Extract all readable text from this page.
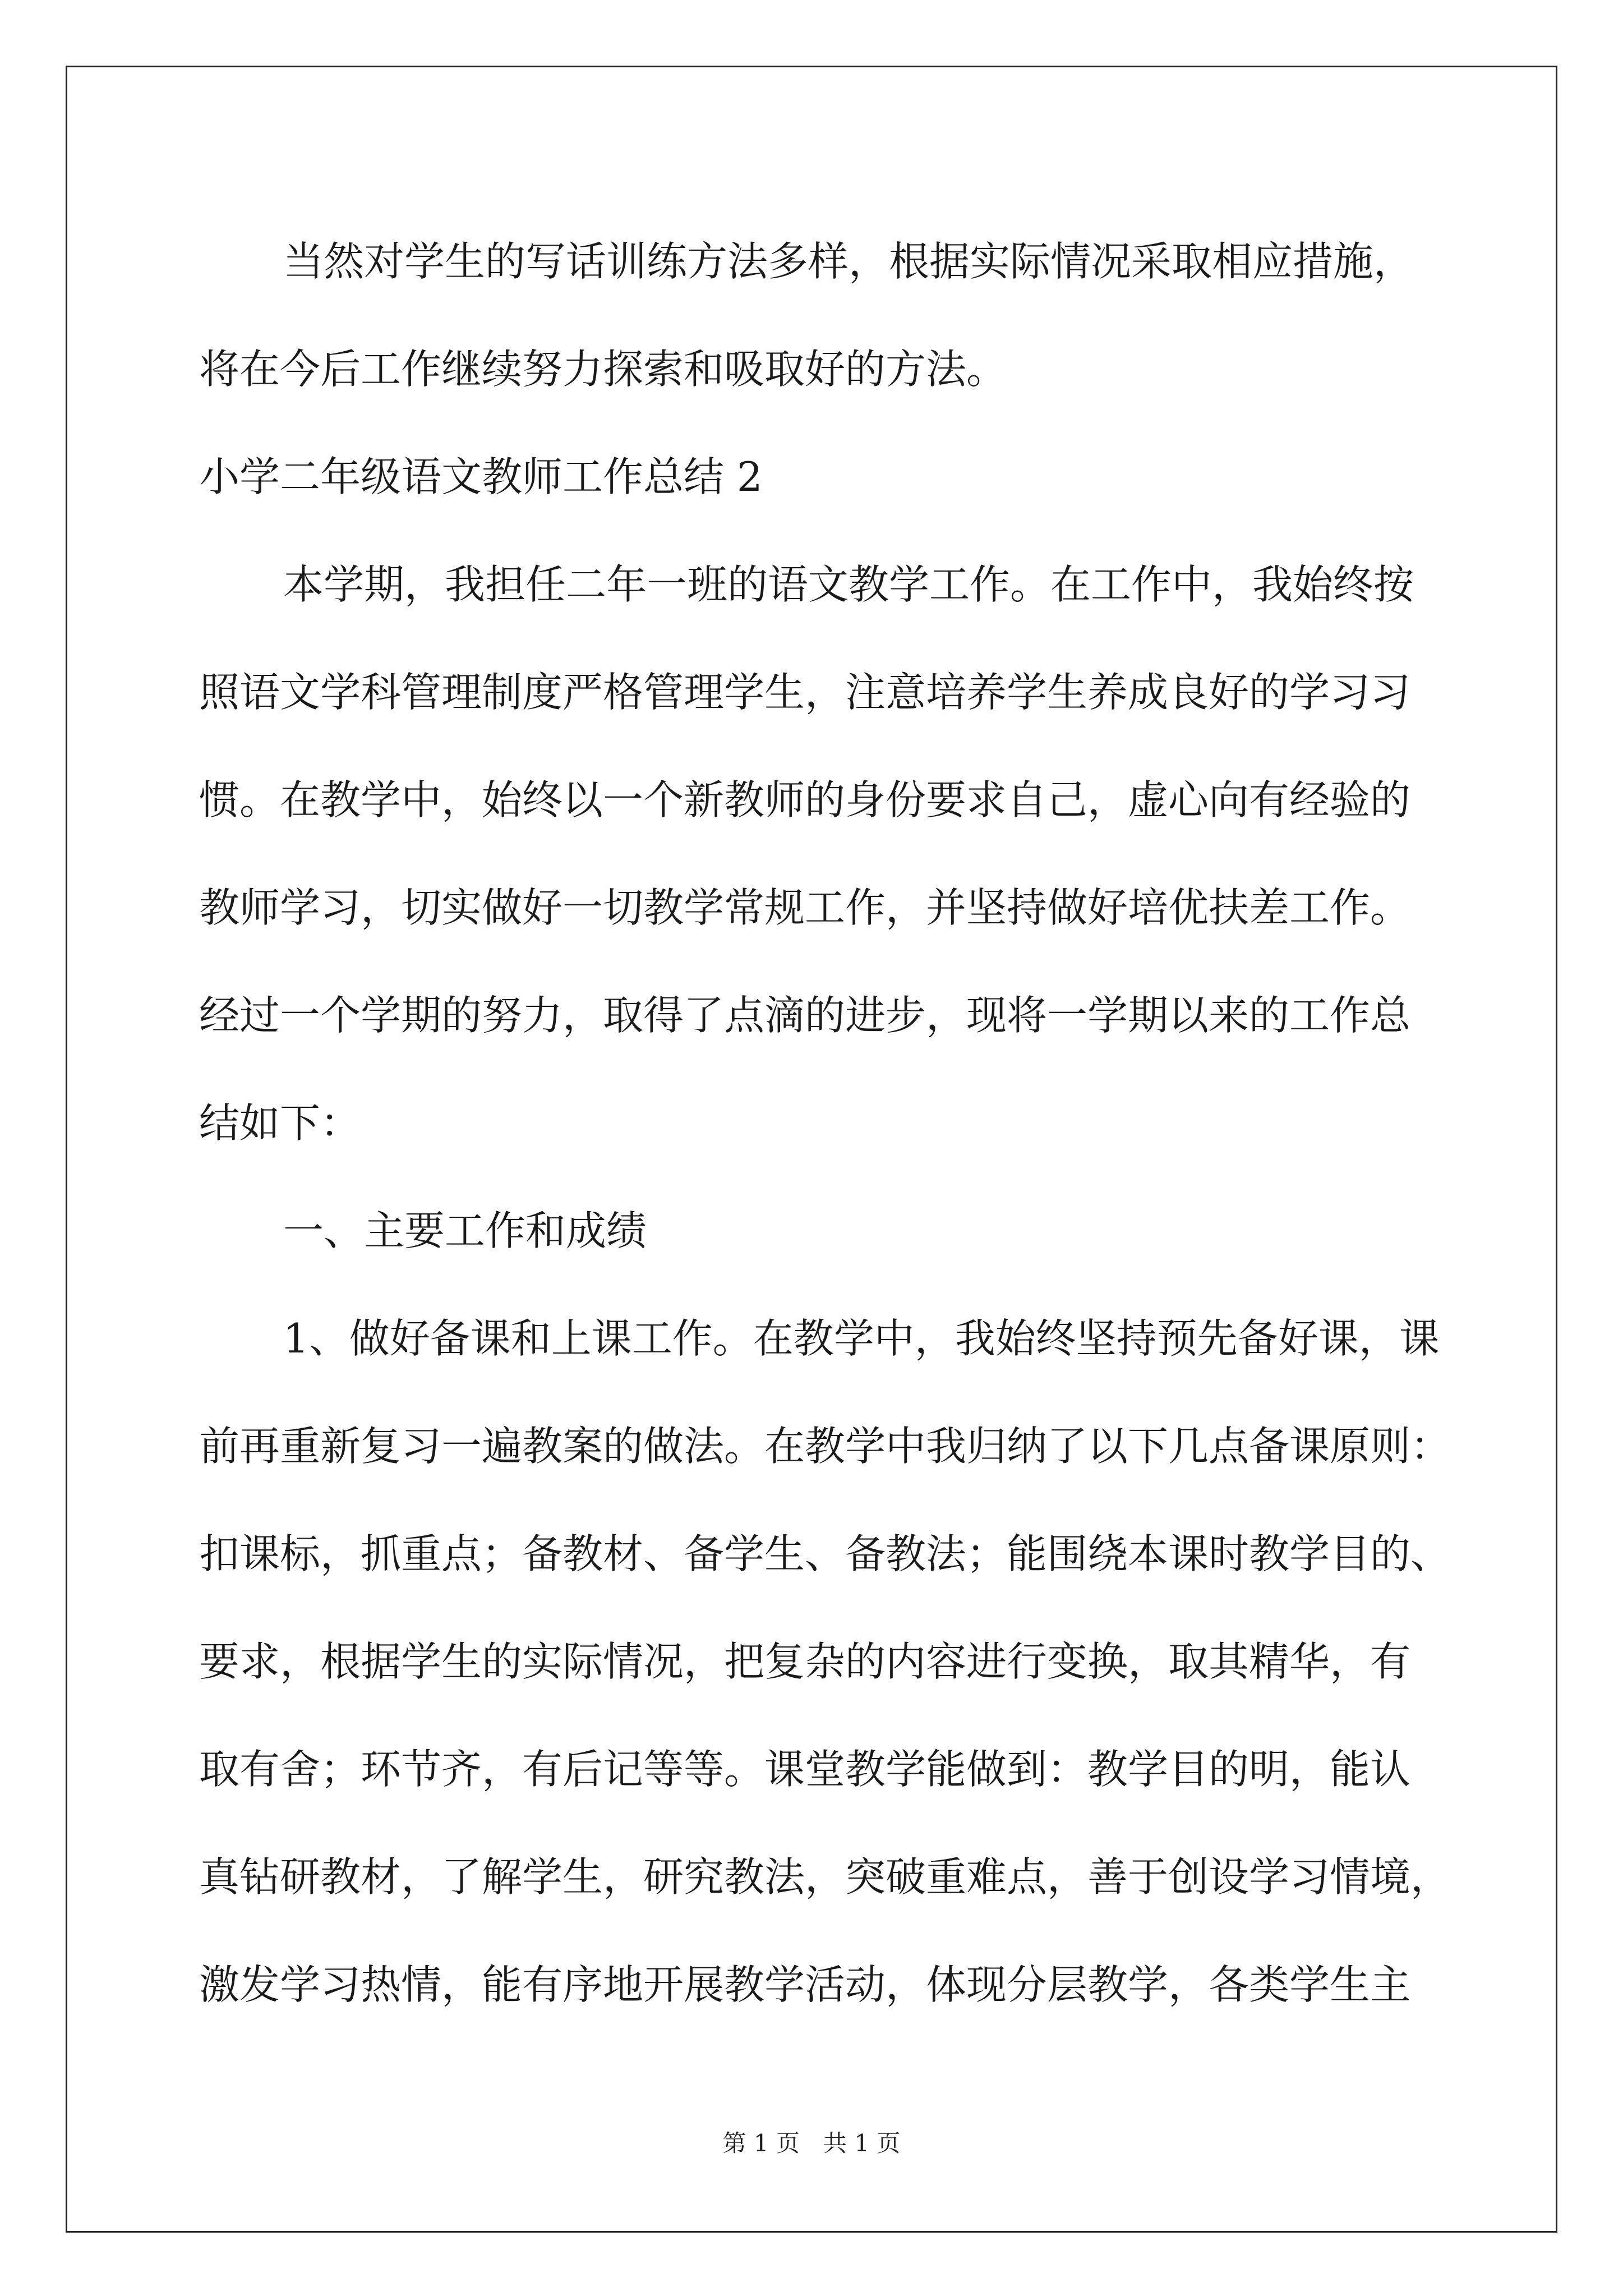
当然对学生的写话训练方法多样，根据实际情况采取相应措施，
将在今后工作继续努力探索和吸取好的方法。
小学二年级语文教师工作总结 2
本学期，我担任二年一班的语文教学工作。在工作中，我始终按
照语文学科管理制度严格管理学生，注意培养学生养成良好的学习习
惯。在教学中，始终以一个新教师的身份要求自己，虚心向有经验的
教师学习，切实做好一切教学常规工作，并坚持做好培优扶差工作。
经过一个学期的努力，取得了点滴的进步，现将一学期以来的工作总
结如下：
一、主要工作和成绩
1、做好备课和上课工作。在教学中，我始终坚持预先备好课，课
前再重新复习一遍教案的做法。在教学中我归纳了以下几点备课原则：
扣课标，抓重点；备教材、备学生、备教法；能围绕本课时教学目的、
要求，根据学生的实际情况，把复杂的内容进行变换，取其精华，有
取有舍；环节齐，有后记等等。课堂教学能做到：教学目的明，能认
真钻研教材，了解学生，研究教法，突破重难点，善于创设学习情境，
激发学习热情，能有序地开展教学活动，体现分层教学，各类学生主
第 1 页 共 1 页
